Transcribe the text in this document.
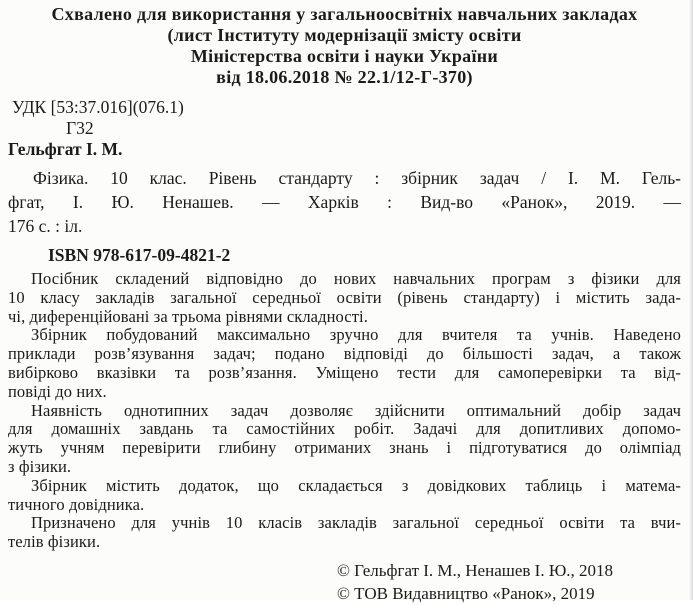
Схвалено для використання у загальноосвітніх навчальних закладах
(лист Інституту модернізації змісту освіти
Міністерства освіти і науки України
від 18.06.2018 № 22.1/12-Г-370)
УДК [53:37.016](076.1)
Г32
Гельфгат І. М.
Фізика. 10 клас. Рівень стандарту : збірник задач / І. М. Гель-
фгат, І. Ю. Ненашев. — Харків : Вид-во «Ранок», 2019. —
176 с. : іл.
ISBN 978-617-09-4821-2
Посібник складений відповідно до нових навчальних програм з фізики для
10 класу закладів загальної середньої освіти (рівень стандарту) і містить зада-
чі, диференційовані за трьома рівнями складності.
Збірник побудований максимально зручно для вчителя та учнів. Наведено
приклади розв’язування задач; подано відповіді до більшості задач, а також
вибірково вказівки та розв’язання. Уміщено тести для самоперевірки та від-
повіді до них.
Наявність однотипних задач дозволяє здійснити оптимальний добір задач
для домашніх завдань та самостійних робіт. Задачі для допитливих допомо-
жуть учням перевірити глибину отриманих знань і підготуватися до олімпіад
з фізики.
Збірник містить додаток, що складається з довідкових таблиць і матема-
тичного довідника.
Призначено для учнів 10 класів закладів загальної середньої освіти та вчи-
телів фізики.
© Гельфгат І. М., Ненашев І. Ю., 2018
© ТОВ Видавництво «Ранок», 2019
